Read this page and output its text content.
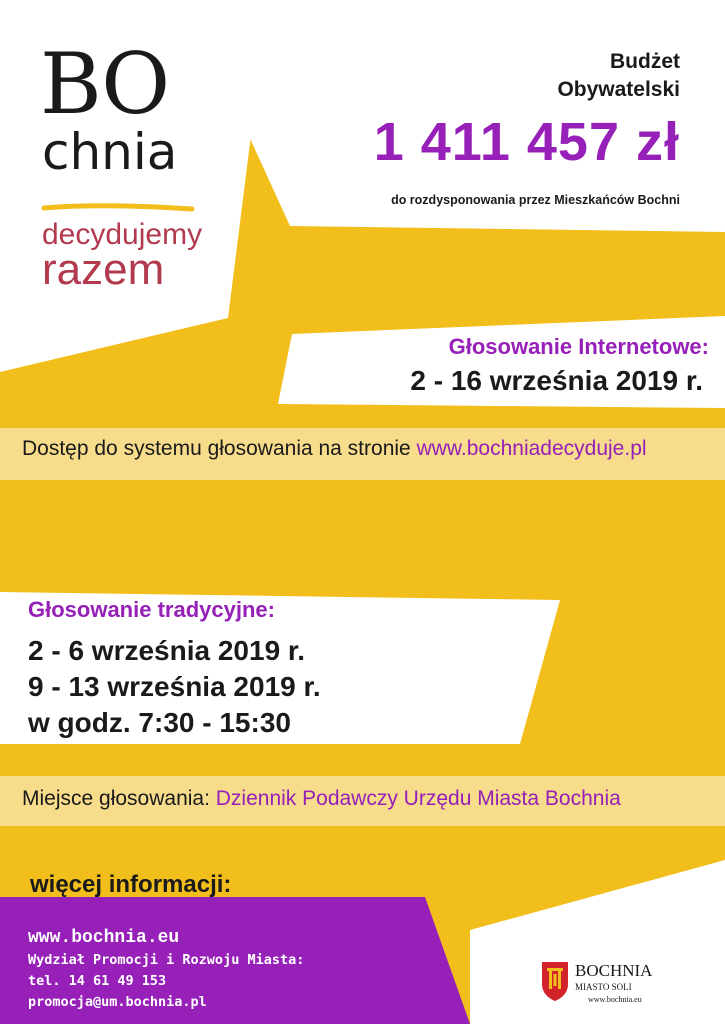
BO
chnia
decydujemy
razem
Budżet
Obywatelski
1 411 457 zł
do rozdysponowania przez Mieszkańców Bochni
Głosowanie Internetowe:
2 - 16 września 2019 r.
Dostęp do systemu głosowania na stronie www.bochniadecyduje.pl
Głosowanie tradycyjne:
2 - 6 września 2019 r.
9 - 13 września 2019 r.
w godz. 7:30 - 15:30
Miejsce głosowania: Dziennik Podawczy Urzędu Miasta Bochnia
więcej informacji:
www.bochnia.eu
Wydział Promocji i Rozwoju Miasta:
tel. 14 61 49 153
promocja@um.bochnia.pl
BOCHNIA
MIASTO SOLI
www.bochnia.eu
